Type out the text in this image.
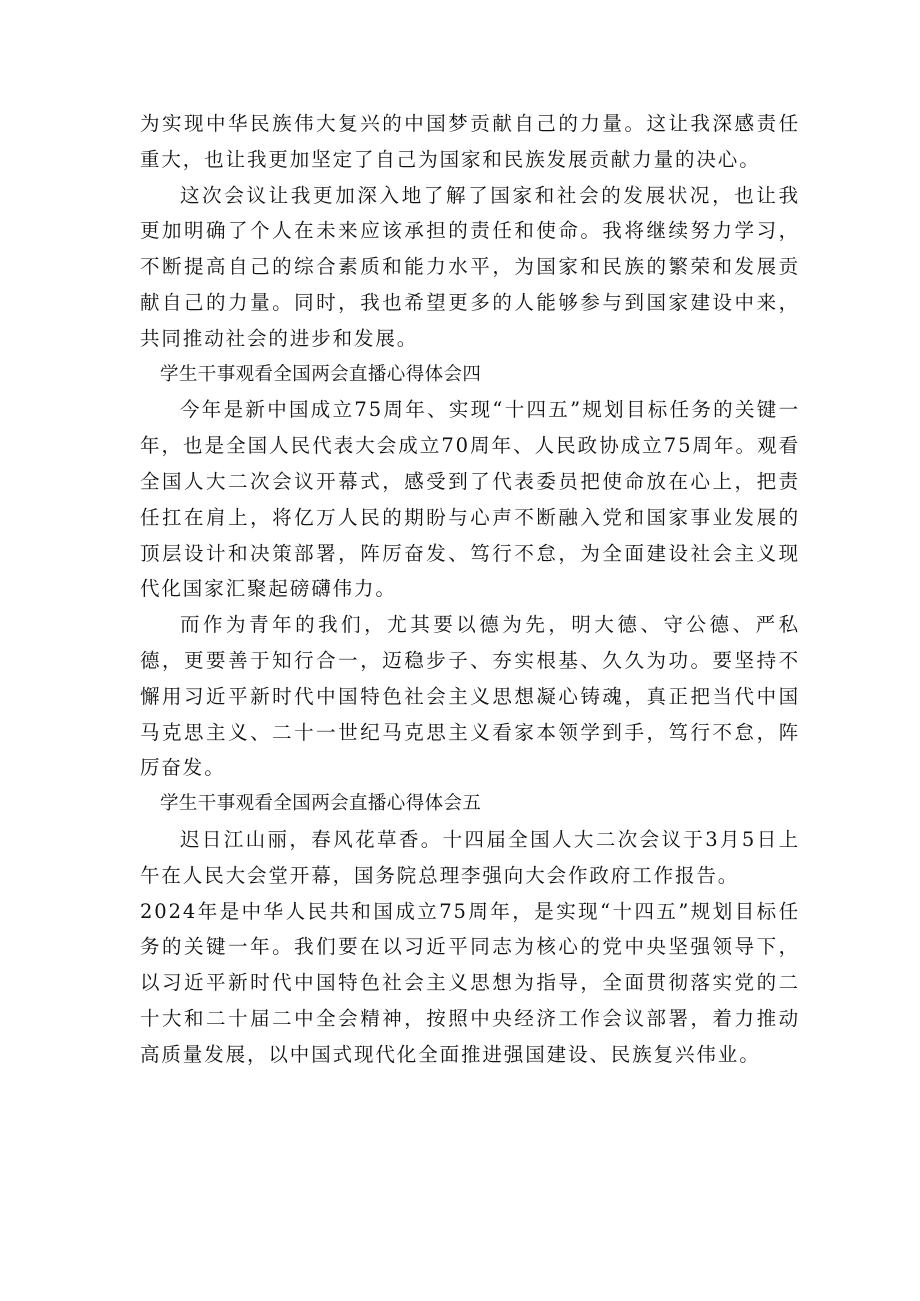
为实现中华民族伟大复兴的中国梦贡献自己的力量。这让我深感责任重大，也让我更加坚定了自己为国家和民族发展贡献力量的决心。

这次会议让我更加深入地了解了国家和社会的发展状况，也让我更加明确了个人在未来应该承担的责任和使命。我将继续努力学习，不断提高自己的综合素质和能力水平，为国家和民族的繁荣和发展贡献自己的力量。同时，我也希望更多的人能够参与到国家建设中来，共同推动社会的进步和发展。

学生干事观看全国两会直播心得体会四

今年是新中国成立75周年、实现“十四五”规划目标任务的关键一年，也是全国人民代表大会成立70周年、人民政协成立75周年。观看全国人大二次会议开幕式，感受到了代表委员把使命放在心上，把责任扛在肩上，将亿万人民的期盼与心声不断融入党和国家事业发展的顶层设计和决策部署，阵厉奋发、笃行不怠，为全面建设社会主义现代化国家汇聚起磅礴伟力。

而作为青年的我们，尤其要以德为先，明大德、守公德、严私德，更要善于知行合一，迈稳步子、夯实根基、久久为功。要坚持不懈用习近平新时代中国特色社会主义思想凝心铸魂，真正把当代中国马克思主义、二十一世纪马克思主义看家本领学到手，笃行不怠，阵厉奋发。

学生干事观看全国两会直播心得体会五

迟日江山丽，春风花草香。十四届全国人大二次会议于3月5日上午在人民大会堂开幕，国务院总理李强向大会作政府工作报告。

2024年是中华人民共和国成立75周年，是实现“十四五”规划目标任务的关键一年。我们要在以习近平同志为核心的党中央坚强领导下，以习近平新时代中国特色社会主义思想为指导，全面贯彻落实党的二十大和二十届二中全会精神，按照中央经济工作会议部署，着力推动高质量发展，以中国式现代化全面推进强国建设、民族复兴伟业。
